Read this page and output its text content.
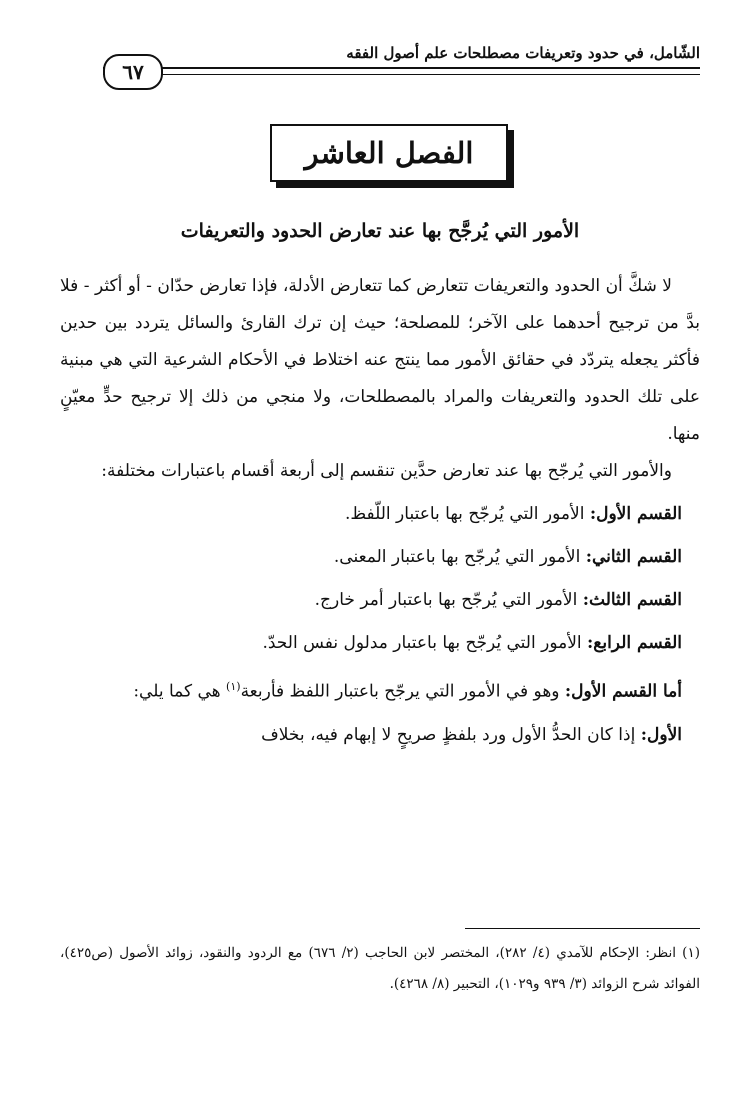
الشّامل، في حدود وتعريفات مصطلحات علم أصول الفقه
٦٧
الفصل العاشر
الأمور التي يُرجَّح بها عند تعارض الحدود والتعريفات

لا شكَّ أن الحدود والتعريفات تتعارض كما تتعارض الأدلة، فإذا تعارض حدّان - أو أكثر - فلا بدَّ من ترجيح أحدهما على الآخر؛ للمصلحة؛ حيث إن ترك القارئ والسائل يتردد بين حدين فأكثر يجعله يتردّد في حقائق الأمور مما ينتج عنه اختلاط في الأحكام الشرعية التي هي مبنية على تلك الحدود والتعريفات والمراد بالمصطلحات، ولا منجي من ذلك إلا ترجيح حدٍّ معيّنٍ منها.

والأمور التي يُرجّح بها عند تعارض حدَّين تنقسم إلى أربعة أقسام باعتبارات مختلفة:

القسم الأول: الأمور التي يُرجّح بها باعتبار اللّفظ.

القسم الثاني: الأمور التي يُرجّح بها باعتبار المعنى.

القسم الثالث: الأمور التي يُرجّح بها باعتبار أمر خارج.

القسم الرابع: الأمور التي يُرجّح بها باعتبار مدلول نفس الحدّ.

أما القسم الأول: وهو في الأمور التي يرجّح باعتبار اللفظ فأربعة$^{(١)}$ هي كما يلي:

الأول: إذا كان الحدُّ الأول ورد بلفظٍ صريحٍ لا إبهام فيه، بخلاف

(١) انظر: الإحكام للآمدي (٤/ ٢٨٢)، المختصر لابن الحاجب (٢/ ٦٧٦) مع الردود والنقود، زوائد الأصول (ص٤٢٥)، الفوائد شرح الزوائد (٣/ ٩٣٩ و١٠٢٩)، التحبير (٨/ ٤٢٦٨).
